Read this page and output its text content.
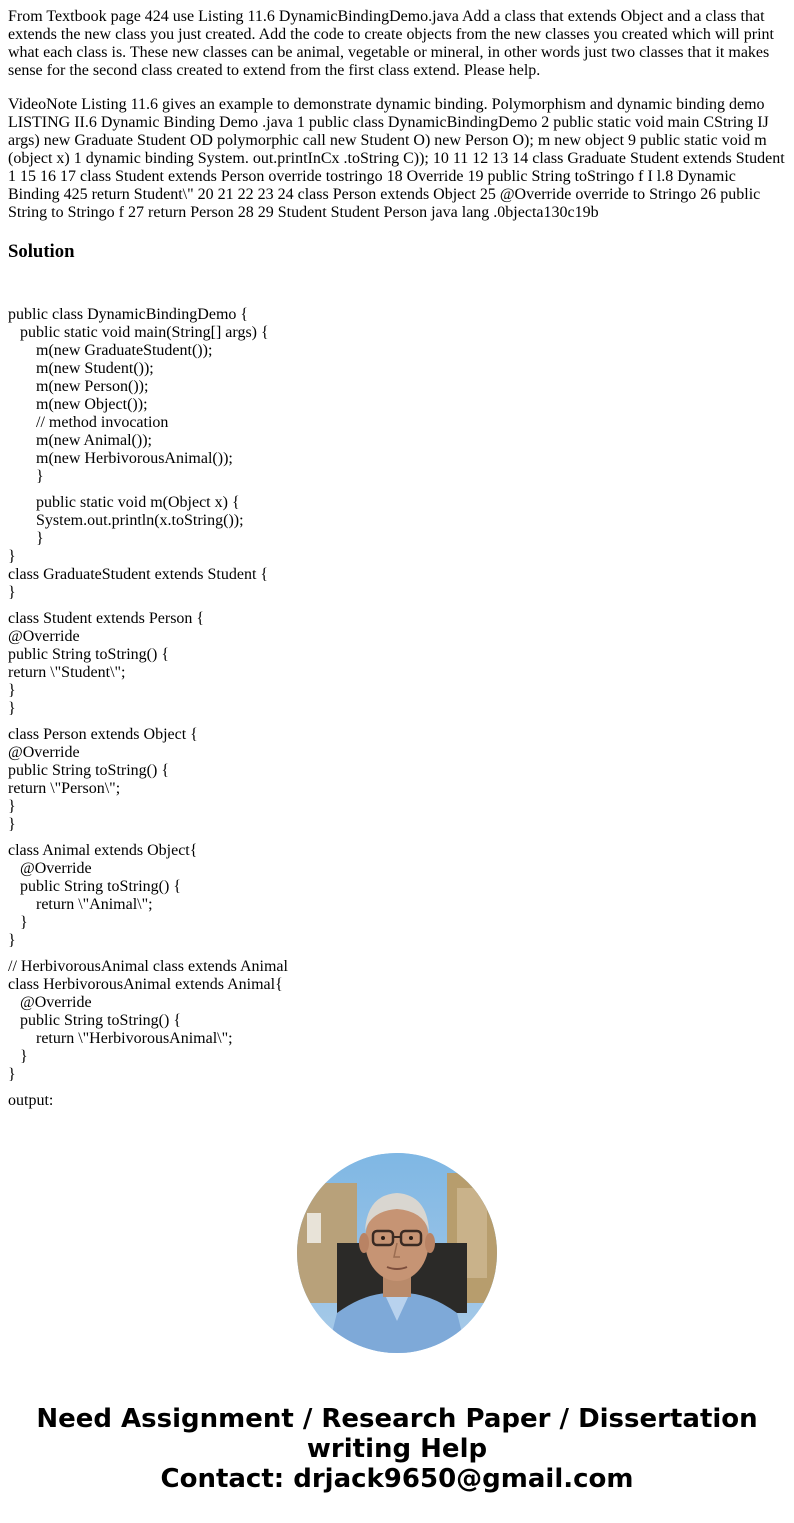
From Textbook page 424 use Listing 11.6 DynamicBindingDemo.java Add a class that extends Object and a class that extends the new class you just created. Add the code to create objects from the new classes you created which will print what each class is. These new classes can be animal, vegetable or mineral, in other words just two classes that it makes sense for the second class created to extend from the first class extend. Please help.

VideoNote Listing 11.6 gives an example to demonstrate dynamic binding. Polymorphism and dynamic binding demo LISTING II.6 Dynamic Binding Demo .java 1 public class DynamicBindingDemo 2 public static void main CString IJ args) new Graduate Student OD polymorphic call new Student O) new Person O); m new object 9 public static void m (object x) 1 dynamic binding System. out.printInCx .toString C)); 10 11 12 13 14 class Graduate Student extends Student 1 15 16 17 class Student extends Person override tostringo 18 Override 19 public String toStringo f I l.8 Dynamic Binding 425 return Student\" 20 21 22 23 24 class Person extends Object 25 @Override override to Stringo 26 public String to Stringo f 27 return Person 28 29 Student Student Person java lang .0bjecta130c19b

Solution
public class DynamicBindingDemo {
public static void main(String[] args) {
m(new GraduateStudent());
m(new Student());
m(new Person());
m(new Object());
// method invocation
m(new Animal());
m(new HerbivorousAnimal());
}
public static void m(Object x) {
System.out.println(x.toString());
}
}
class GraduateStudent extends Student {
}
class Student extends Person {
@Override
public String toString() {
return \"Student\";
}
}
class Person extends Object {
@Override
public String toString() {
return \"Person\";
}
}
class Animal extends Object{
@Override
public String toString() {
return \"Animal\";
}
}
// HerbivorousAnimal class extends Animal
class HerbivorousAnimal extends Animal{
@Override
public String toString() {
return \"HerbivorousAnimal\";
}
}
output:
Need Assignment / Research Paper / Dissertation
writing Help
Contact: drjack9650@gmail.com
